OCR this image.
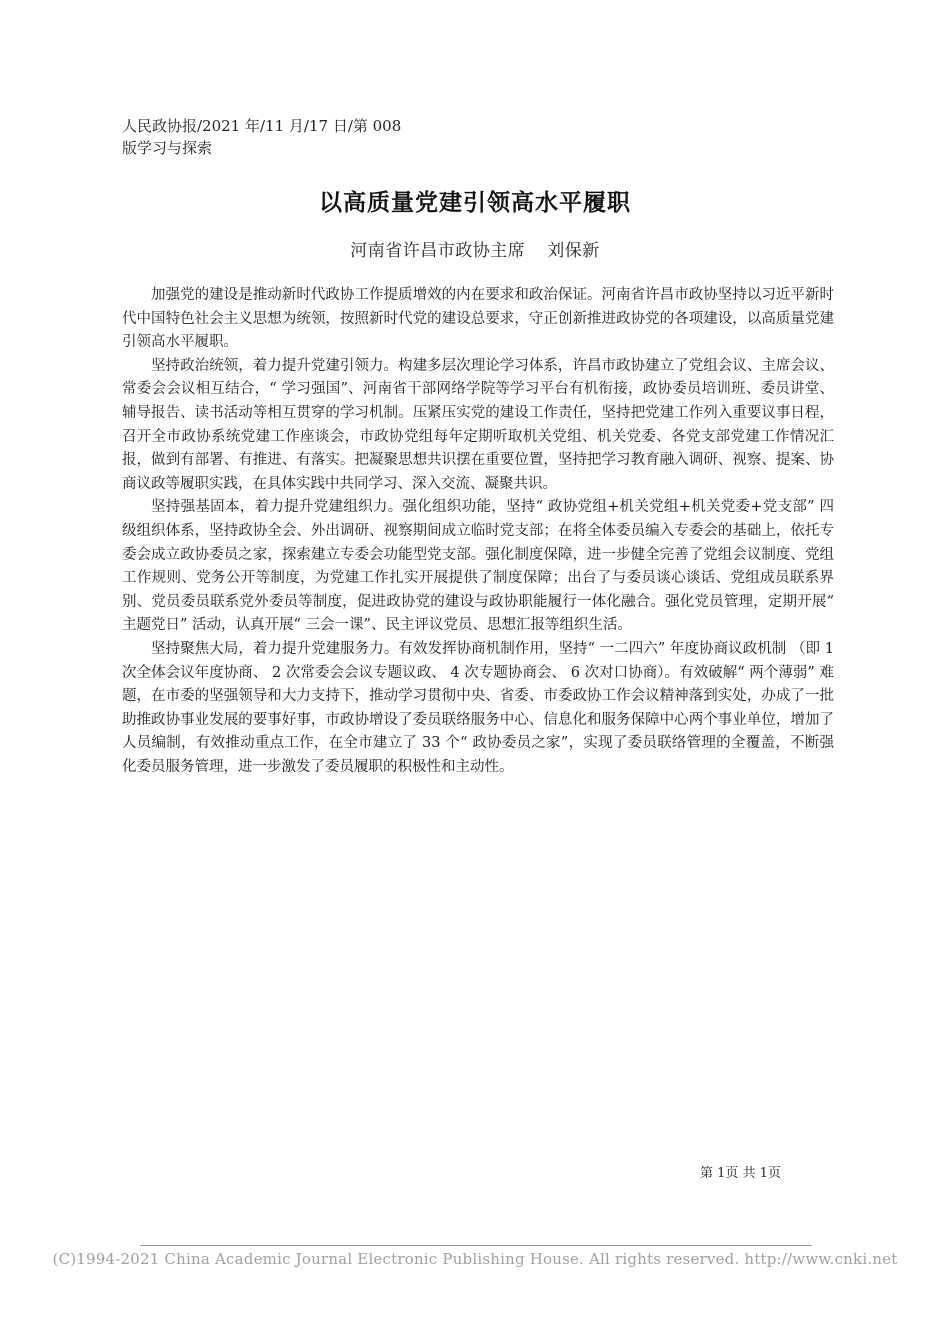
人民政协报/2021 年/11 月/17 日/第 008
版学习与探索
以高质量党建引领高水平履职
河南省许昌市政协主席 刘保新

加强党的建设是推动新时代政协工作提质增效的内在要求和政治保证。河南省许昌市政协坚持以习近平新时代中国特色社会主义思想为统领，按照新时代党的建设总要求，守正创新推进政协党的各项建设，以高质量党建引领高水平履职。

坚持政治统领，着力提升党建引领力。构建多层次理论学习体系，许昌市政协建立了党组会议、主席会议、常委会会议相互结合，“ 学习强国”、河南省干部网络学院等学习平台有机衔接，政协委员培训班、委员讲堂、辅导报告、读书活动等相互贯穿的学习机制。压紧压实党的建设工作责任，坚持把党建工作列入重要议事日程，召开全市政协系统党建工作座谈会，市政协党组每年定期听取机关党组、机关党委、各党支部党建工作情况汇报，做到有部署、有推进、有落实。把凝聚思想共识摆在重要位置，坚持把学习教育融入调研、视察、提案、协商议政等履职实践，在具体实践中共同学习、深入交流、凝聚共识。

坚持强基固本，着力提升党建组织力。强化组织功能，坚持“ 政协党组+机关党组+机关党委+党支部” 四级组织体系，坚持政协全会、外出调研、视察期间成立临时党支部；在将全体委员编入专委会的基础上，依托专委会成立政协委员之家，探索建立专委会功能型党支部。强化制度保障，进一步健全完善了党组会议制度、党组工作规则、党务公开等制度，为党建工作扎实开展提供了制度保障；出台了与委员谈心谈话、党组成员联系界别、党员委员联系党外委员等制度，促进政协党的建设与政协职能履行一体化融合。强化党员管理，定期开展“ 主题党日” 活动，认真开展“ 三会一课”、民主评议党员、思想汇报等组织生活。

坚持聚焦大局，着力提升党建服务力。有效发挥协商机制作用，坚持“ 一二四六” 年度协商议政机制 （即 1 次全体会议年度协商、 2 次常委会会议专题议政、 4 次专题协商会、 6 次对口协商）。有效破解“ 两个薄弱” 难题，在市委的坚强领导和大力支持下，推动学习贯彻中央、省委、市委政协工作会议精神落到实处，办成了一批助推政协事业发展的要事好事，市政协增设了委员联络服务中心、信息化和服务保障中心两个事业单位，增加了人员编制，有效推动重点工作，在全市建立了 33 个“ 政协委员之家”，实现了委员联络管理的全覆盖，不断强化委员服务管理，进一步激发了委员履职的积极性和主动性。

第 1页 共 1页
(C)1994-2021 China Academic Journal Electronic Publishing House. All rights reserved. http://www.cnki.net
